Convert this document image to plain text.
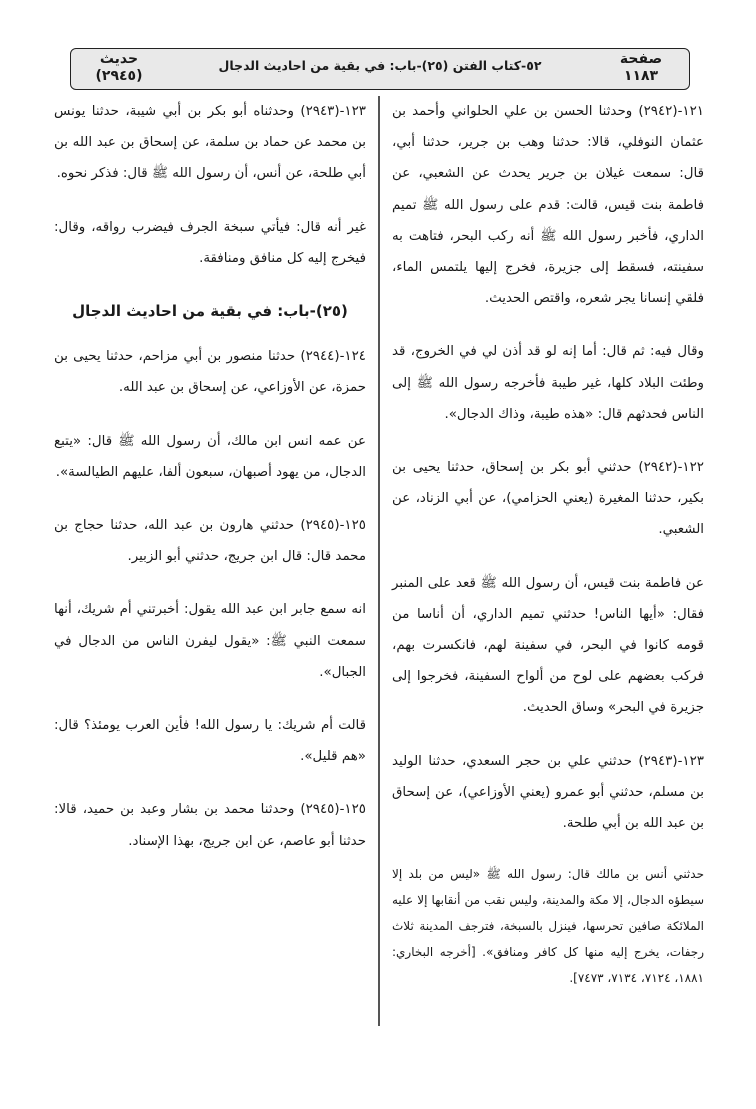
حديث
(٢٩٤٥)
٥٢-كتاب الفتن (٢٥)-باب: في بقية من احاديث الدجال	صفحة
١١٨٣

١٢١-(٢٩٤٢) وحدثنا الحسن بن علي الحلواني وأحمد بن عثمان النوفلي، قالا: حدثنا وهب بن جرير، حدثنا أبي، قال: سمعت غيلان بن جرير يحدث عن الشعبي، عن فاطمة بنت قيس، قالت: قدم على رسول الله ﷺ تميم الداري، فأخبر رسول الله ﷺ أنه ركب البحر، فتاهت به سفينته، فسقط إلى جزيرة، فخرج إليها يلتمس الماء، فلقي إنسانا يجر شعره، واقتص الحديث.

وقال فيه: ثم قال: أما إنه لو قد أذن لي في الخروج، قد وطئت البلاد كلها، غير طيبة فأخرجه رسول الله ﷺ إلى الناس فحدثهم قال: «هذه طيبة، وذاك الدجال».

١٢٢-(٢٩٤٢) حدثني أبو بكر بن إسحاق، حدثنا يحيى بن بكير، حدثنا المغيرة (يعني الحزامي)، عن أبي الزناد، عن الشعبي.

عن فاطمة بنت قيس، أن رسول الله ﷺ قعد على المنبر فقال: «أيها الناس! حدثني تميم الداري، أن أناسا من قومه كانوا في البحر، في سفينة لهم، فانكسرت بهم، فركب بعضهم على لوح من ألواح السفينة، فخرجوا إلى جزيرة في البحر» وساق الحديث.

١٢٣-(٢٩٤٣) حدثني علي بن حجر السعدي، حدثنا الوليد بن مسلم، حدثني أبو عمرو (يعني الأوزاعي)، عن إسحاق بن عبد الله بن أبي طلحة.

حدثني أنس بن مالك قال: رسول الله ﷺ «ليس من بلد إلا سيطؤه الدجال، إلا مكة والمدينة، وليس نقب من أنقابها إلا عليه الملائكة صافين تحرسها، فينزل بالسبخة، فترجف المدينة ثلاث رجفات، يخرج إليه منها كل كافر ومنافق». [أخرجه البخاري: ١٨٨١، ٧١٢٤، ٧١٣٤، ٧٤٧٣].

١٢٣-(٢٩٤٣) وحدثناه أبو بكر بن أبي شيبة، حدثنا يونس بن محمد عن حماد بن سلمة، عن إسحاق بن عبد الله بن أبي طلحة، عن أنس، أن رسول الله ﷺ قال: فذكر نحوه.

غير أنه قال: فيأتي سبخة الجرف فيضرب رواقه، وقال: فيخرج إليه كل منافق ومنافقة.

(٢٥)-باب: في بقية من احاديث الدجال

١٢٤-(٢٩٤٤) حدثنا منصور بن أبي مزاحم، حدثنا يحيى بن حمزة، عن الأوزاعي، عن إسحاق بن عبد الله.

عن عمه انس ابن مالك، أن رسول الله ﷺ قال: «يتبع الدجال، من يهود أصبهان، سبعون ألفا، عليهم الطيالسة».

١٢٥-(٢٩٤٥) حدثني هارون بن عبد الله، حدثنا حجاج بن محمد قال: قال ابن جريج، حدثني أبو الزبير.

انه سمع جابر ابن عبد الله يقول: أخبرتني أم شريك، أنها سمعت النبي ﷺ: «يقول ليفرن الناس من الدجال في الجبال».

قالت أم شريك: يا رسول الله! فأين العرب يومئذ؟ قال: «هم قليل».

١٢٥-(٢٩٤٥) وحدثنا محمد بن بشار وعبد بن حميد، قالا: حدثنا أبو عاصم، عن ابن جريج، بهذا الإسناد.
